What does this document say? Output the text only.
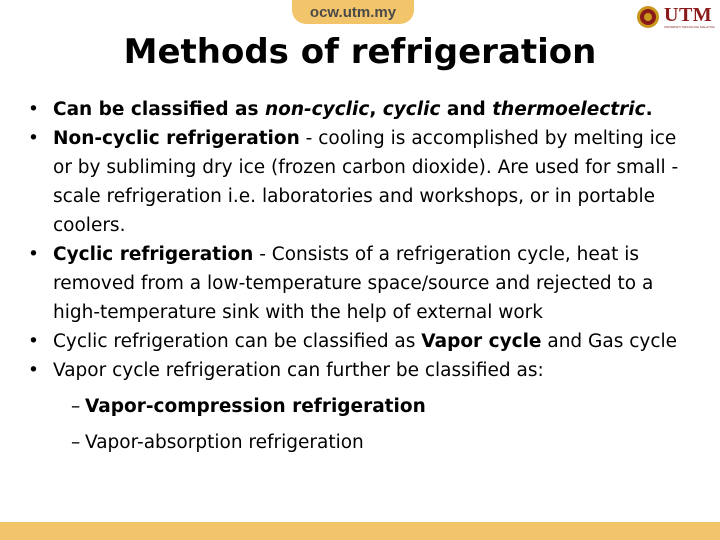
ocw.utm.my	UTM
UNIVERSITI TEKNOLOGI MALAYSIA
Methods of refrigeration
• Can be classified as non-cyclic, cyclic and thermoelectric.
• Non-cyclic refrigeration - cooling is accomplished by melting ice or by subliming dry ice (frozen carbon dioxide). Are used for small -scale refrigeration i.e. laboratories and workshops, or in portable coolers.
• Cyclic refrigeration - Consists of a refrigeration cycle, heat is removed from a low-temperature space/source and rejected to a high-temperature sink with the help of external work
• Cyclic refrigeration can be classified as Vapor cycle and Gas cycle
• Vapor cycle refrigeration can further be classified as:
– Vapor-compression refrigeration
– Vapor-absorption refrigeration
